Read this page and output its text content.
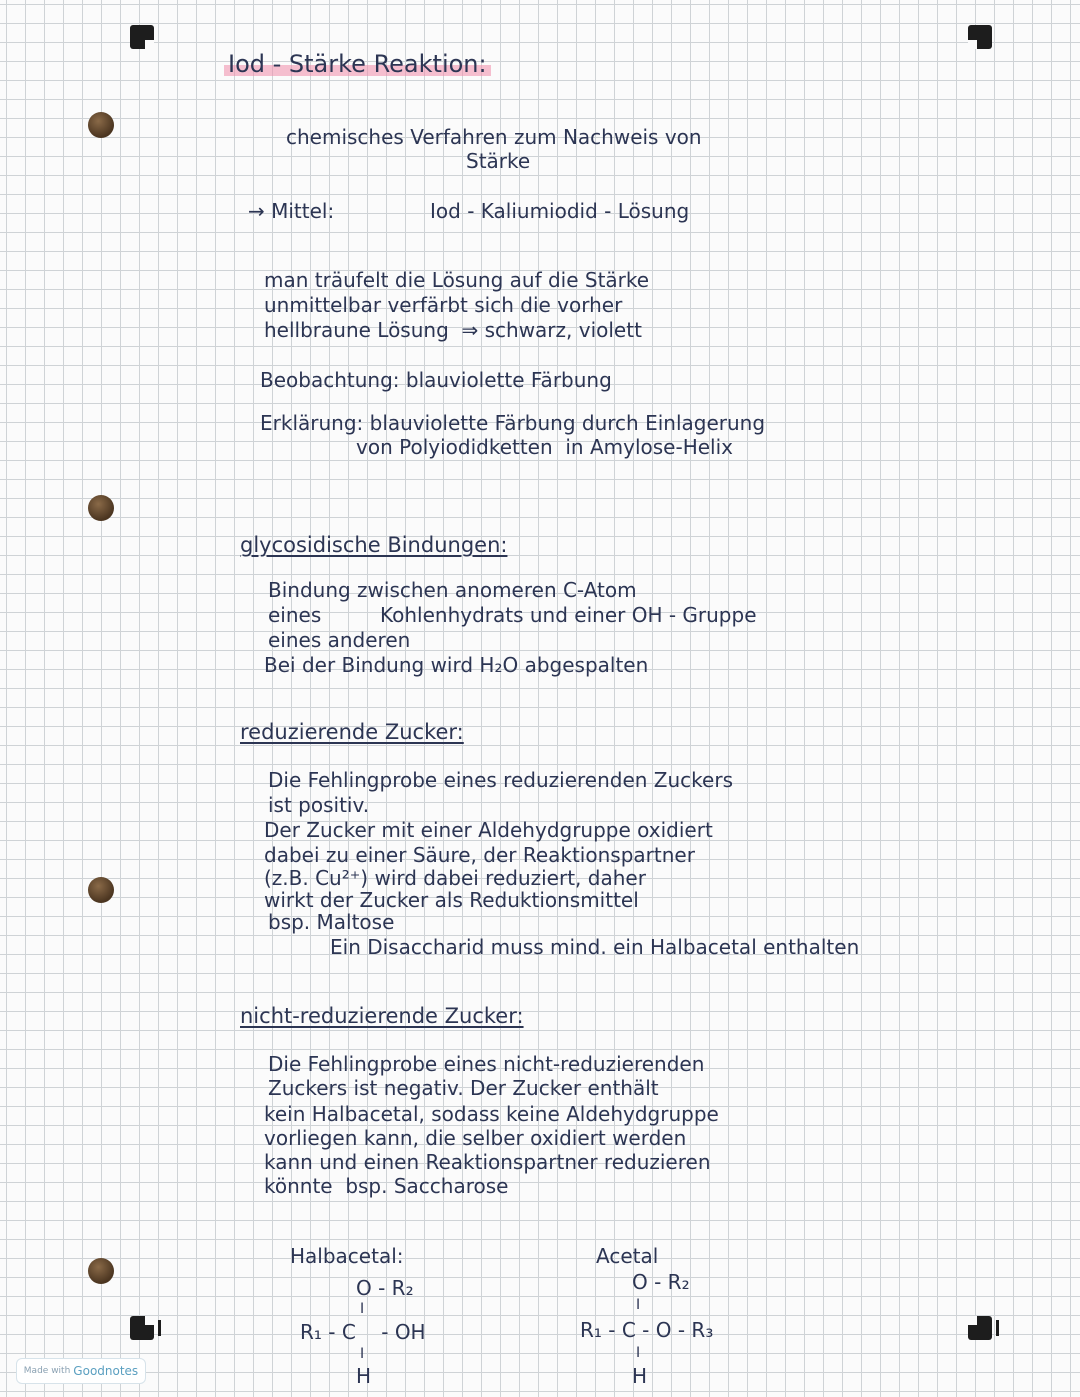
Iod - Stärke Reaktion:
chemisches Verfahren zum Nachweis von
Stärke
→ Mittel:	Iod - Kaliumiodid - Lösung
man träufelt die Lösung auf die Stärke
unmittelbar verfärbt sich die vorher
hellbraune Lösung  ⇒ schwarz, violett
Beobachtung: blauviolette Färbung
Erklärung: blauviolette Färbung durch Einlagerung
von Polyiodidketten  in Amylose-Helix
glycosidische Bindungen:
Bindung zwischen anomeren C-Atom
eines	Kohlenhydrats und einer OH - Gruppe
eines anderen
Bei der Bindung wird H₂O abgespalten
reduzierende Zucker:
Die Fehlingprobe eines reduzierenden Zuckers
ist positiv.
Der Zucker mit einer Aldehydgruppe oxidiert
dabei zu einer Säure, der Reaktionspartner
(z.B. Cu²⁺) wird dabei reduziert, daher
wirkt der Zucker als Reduktionsmittel
bsp. Maltose
Ein Disaccharid muss mind. ein Halbacetal enthalten
nicht-reduzierende Zucker:
Die Fehlingprobe eines nicht-reduzierenden
Zuckers ist negativ. Der Zucker enthält
kein Halbacetal, sodass keine Aldehydgruppe
vorliegen kann, die selber oxidiert werden
kann und einen Reaktionspartner reduzieren
könnte  bsp. Saccharose
Halbacetal:
O - R₂
I
R₁ - C    - OH
I
H
Acetal
O - R₂
I
R₁ - C - O - R₃
I
H
Made with Goodnotes
